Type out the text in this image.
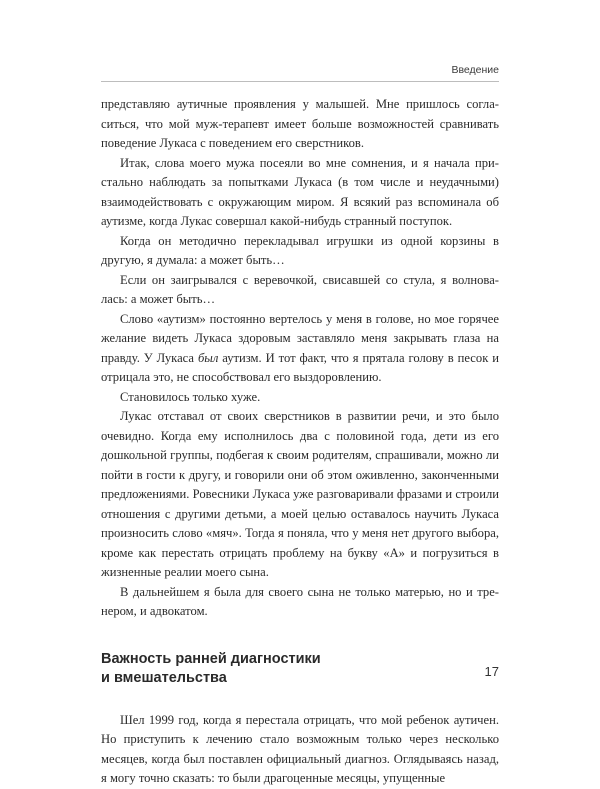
Введение

представляю аутичные проявления у малышей. Мне пришлось согласиться, что мой муж-терапевт имеет больше возможностей сравнивать поведение Лукаса с поведением его сверстников.

Итак, слова моего мужа посеяли во мне сомнения, и я начала пристально наблюдать за попытками Лукаса (в том числе и неудачными) взаимодействовать с окружающим миром. Я всякий раз вспоминала об аутизме, когда Лукас совершал какой-нибудь странный поступок.

Когда он методично перекладывал игрушки из одной корзины в другую, я думала: а может быть…

Если он заигрывался с веревочкой, свисавшей со стула, я волновалась: а может быть…

Слово «аутизм» постоянно вертелось у меня в голове, но мое горячее желание видеть Лукаса здоровым заставляло меня закрывать глаза на правду. У Лукаса был аутизм. И тот факт, что я прятала голову в песок и отрицала это, не способствовал его выздоровлению.

Становилось только хуже.

Лукас отставал от своих сверстников в развитии речи, и это было очевидно. Когда ему исполнилось два с половиной года, дети из его дошкольной группы, подбегая к своим родителям, спрашивали, можно ли пойти в гости к другу, и говорили они об этом оживленно, законченными предложениями. Ровесники Лукаса уже разговаривали фразами и строили отношения с другими детьми, а моей целью оставалось научить Лукаса произносить слово «мяч». Тогда я поняла, что у меня нет другого выбора, кроме как перестать отрицать проблему на букву «А» и погрузиться в жизненные реалии моего сына.

В дальнейшем я была для своего сына не только матерью, но и тренером, и адвокатом.

Важность ранней диагностики
и вмешательства

Шел 1999 год, когда я перестала отрицать, что мой ребенок аутичен. Но приступить к лечению стало возможным только через несколько месяцев, когда был поставлен официальный диагноз. Оглядываясь назад, я могу точно сказать: то были драгоценные месяцы, упущенные

17
